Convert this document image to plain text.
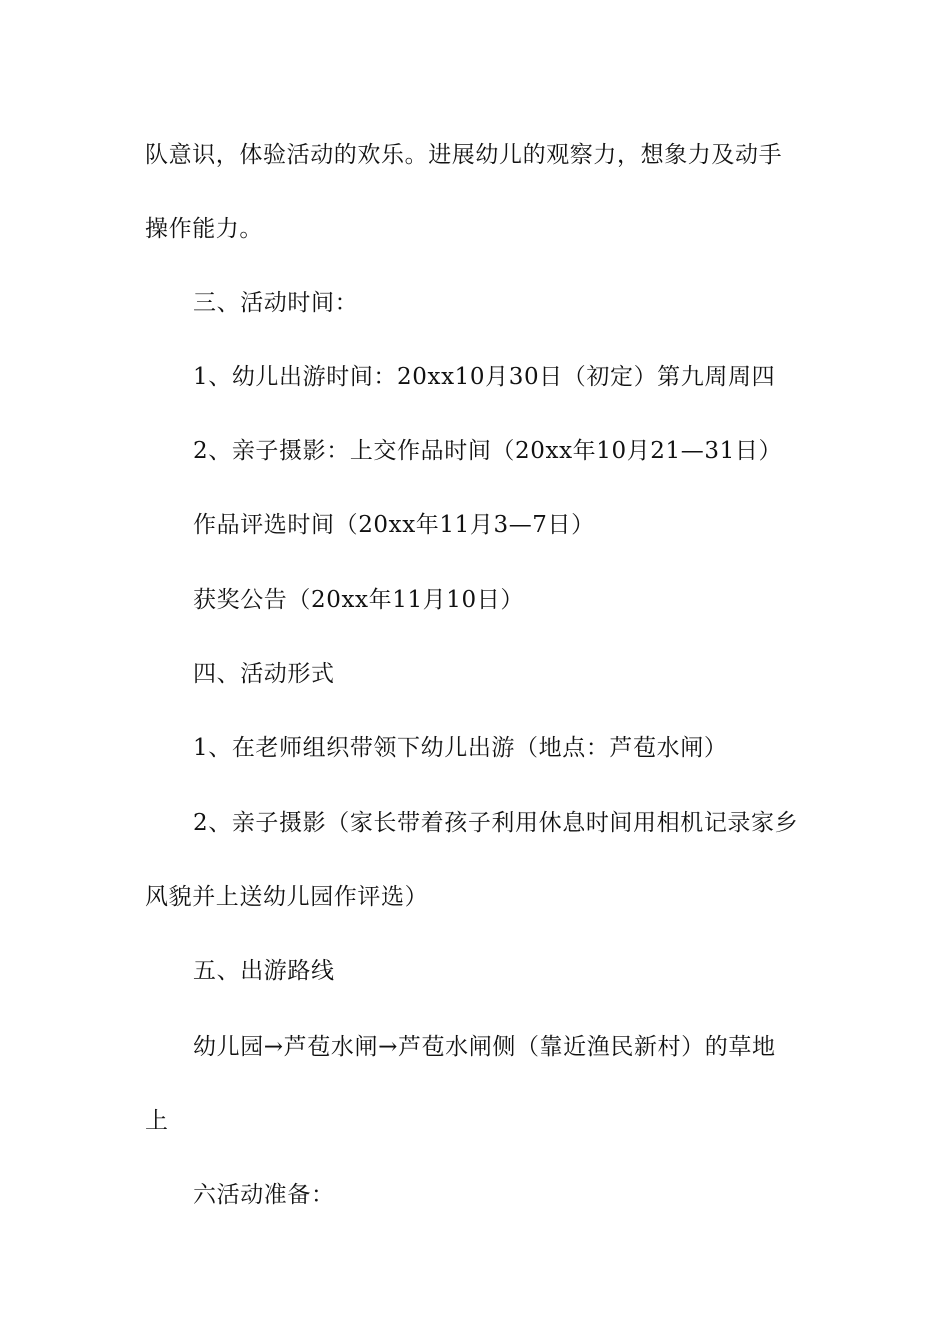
队意识，体验活动的欢乐。进展幼儿的观察力，想象力及动手
操作能力。
三、活动时间：
1、幼儿出游时间：20xx10月30日（初定）第九周周四
2、亲子摄影：上交作品时间（20xx年10月21—31日）
作品评选时间（20xx年11月3—7日）
获奖公告（20xx年11月10日）
四、活动形式
1、在老师组织带领下幼儿出游（地点：芦苞水闸）
2、亲子摄影（家长带着孩子利用休息时间用相机记录家乡
风貌并上送幼儿园作评选）
五、出游路线
幼儿园→芦苞水闸→芦苞水闸侧（靠近渔民新村）的草地
上
六活动准备：
